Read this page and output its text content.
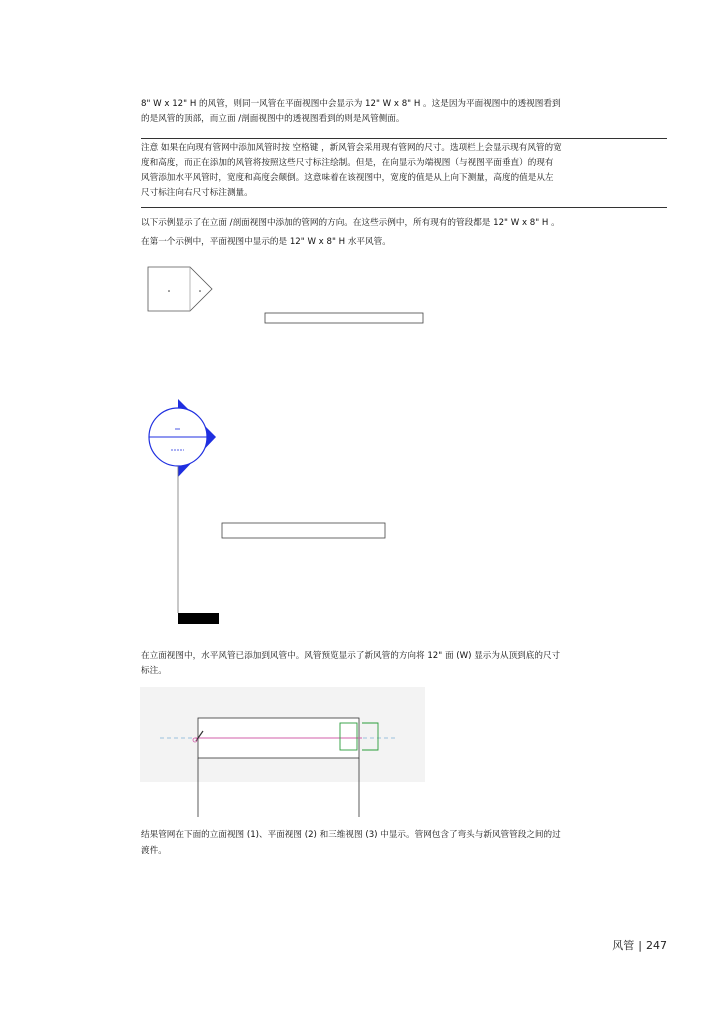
8" W x 12" H 的风管，则同一风管在平面视图中会显示为 12" W x 8" H 。这是因为平面视图中的透视图看到
的是风管的顶部，而立面 /剖面视图中的透视图看到的则是风管侧面。
注意 如果在向现有管网中添加风管时按 空格键 ，新风管会采用现有管网的尺寸。选项栏上会显示现有风管的宽
度和高度，而正在添加的风管将按照这些尺寸标注绘制。但是，在向显示为端视图（与视图平面垂直）的现有
风管添加水平风管时，宽度和高度会颠倒。这意味着在该视图中，宽度的值是从上向下测量，高度的值是从左
尺寸标注向右尺寸标注测量。
以下示例显示了在立面 /剖面视图中添加的管网的方向。在这些示例中，所有现有的管段都是 12" W x 8" H 。
在第一个示例中，平面视图中显示的是 12" W x 8" H 水平风管。
在立面视图中，水平风管已添加到风管中。风管预览显示了新风管的方向将 12" 面 (W) 显示为从顶到底的尺寸
标注。
结果管网在下面的立面视图 (1)、平面视图 (2) 和三维视图 (3) 中显示。管网包含了弯头与新风管管段之间的过
渡件。
风管 | 247
